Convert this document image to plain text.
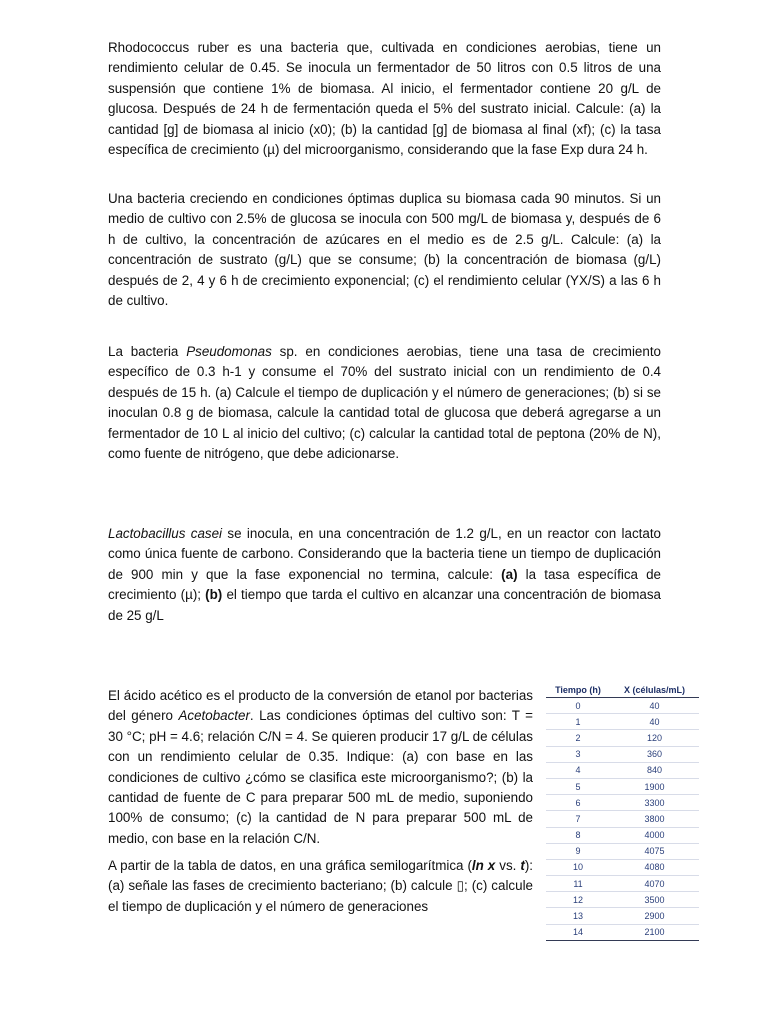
Rhodococcus ruber es una bacteria que, cultivada en condiciones aerobias, tiene un rendimiento celular de 0.45. Se inocula un fermentador de 50 litros con 0.5 litros de una suspensión que contiene 1% de biomasa. Al inicio, el fermentador contiene 20 g/L de glucosa. Después de 24 h de fermentación queda el 5% del sustrato inicial. Calcule: (a) la cantidad [g] de biomasa al inicio (x0); (b) la cantidad [g] de biomasa al final (xf); (c) la tasa específica de crecimiento (µ) del microorganismo, considerando que la fase Exp dura 24 h.

Una bacteria creciendo en condiciones óptimas duplica su biomasa cada 90 minutos. Si un medio de cultivo con 2.5% de glucosa se inocula con 500 mg/L de biomasa y, después de 6 h de cultivo, la concentración de azúcares en el medio es de 2.5 g/L. Calcule: (a) la concentración de sustrato (g/L) que se consume; (b) la concentración de biomasa (g/L) después de 2, 4 y 6 h de crecimiento exponencial; (c) el rendimiento celular (YX/S) a las 6 h de cultivo.

La bacteria Pseudomonas sp. en condiciones aerobias, tiene una tasa de crecimiento específico de 0.3 h-1 y consume el 70% del sustrato inicial con un rendimiento de 0.4 después de 15 h. (a) Calcule el tiempo de duplicación y el número de generaciones; (b) si se inoculan 0.8 g de biomasa, calcule la cantidad total de glucosa que deberá agregarse a un fermentador de 10 L al inicio del cultivo; (c) calcular la cantidad total de peptona (20% de N), como fuente de nitrógeno, que debe adicionarse.

Lactobacillus casei se inocula, en una concentración de 1.2 g/L, en un reactor con lactato como única fuente de carbono. Considerando que la bacteria tiene un tiempo de duplicación de 900 min y que la fase exponencial no termina, calcule: (a) la tasa específica de crecimiento (µ); (b) el tiempo que tarda el cultivo en alcanzar una concentración de biomasa de 25 g/L

El ácido acético es el producto de la conversión de etanol por bacterias del género Acetobacter. Las condiciones óptimas del cultivo son: T = 30 °C; pH = 4.6; relación C/N = 4. Se quieren producir 17 g/L de células con un rendimiento celular de 0.35. Indique: (a) con base en las condiciones de cultivo ¿cómo se clasifica este microorganismo?; (b) la cantidad de fuente de C para preparar 500 mL de medio, suponiendo 100% de consumo; (c) la cantidad de N para preparar 500 mL de medio, con base en la relación C/N.

A partir de la tabla de datos, en una gráfica semilogarítmica (ln x vs. t): (a) señale las fases de crecimiento bacteriano; (b) calcule ▯; (c) calcule el tiempo de duplicación y el número de generaciones

Tiempo (h)	X (células/mL)
0	40
1	40
2	120
3	360
4	840
5	1900
6	3300
7	3800
8	4000
9	4075
10	4080
11	4070
12	3500
13	2900
14	2100
